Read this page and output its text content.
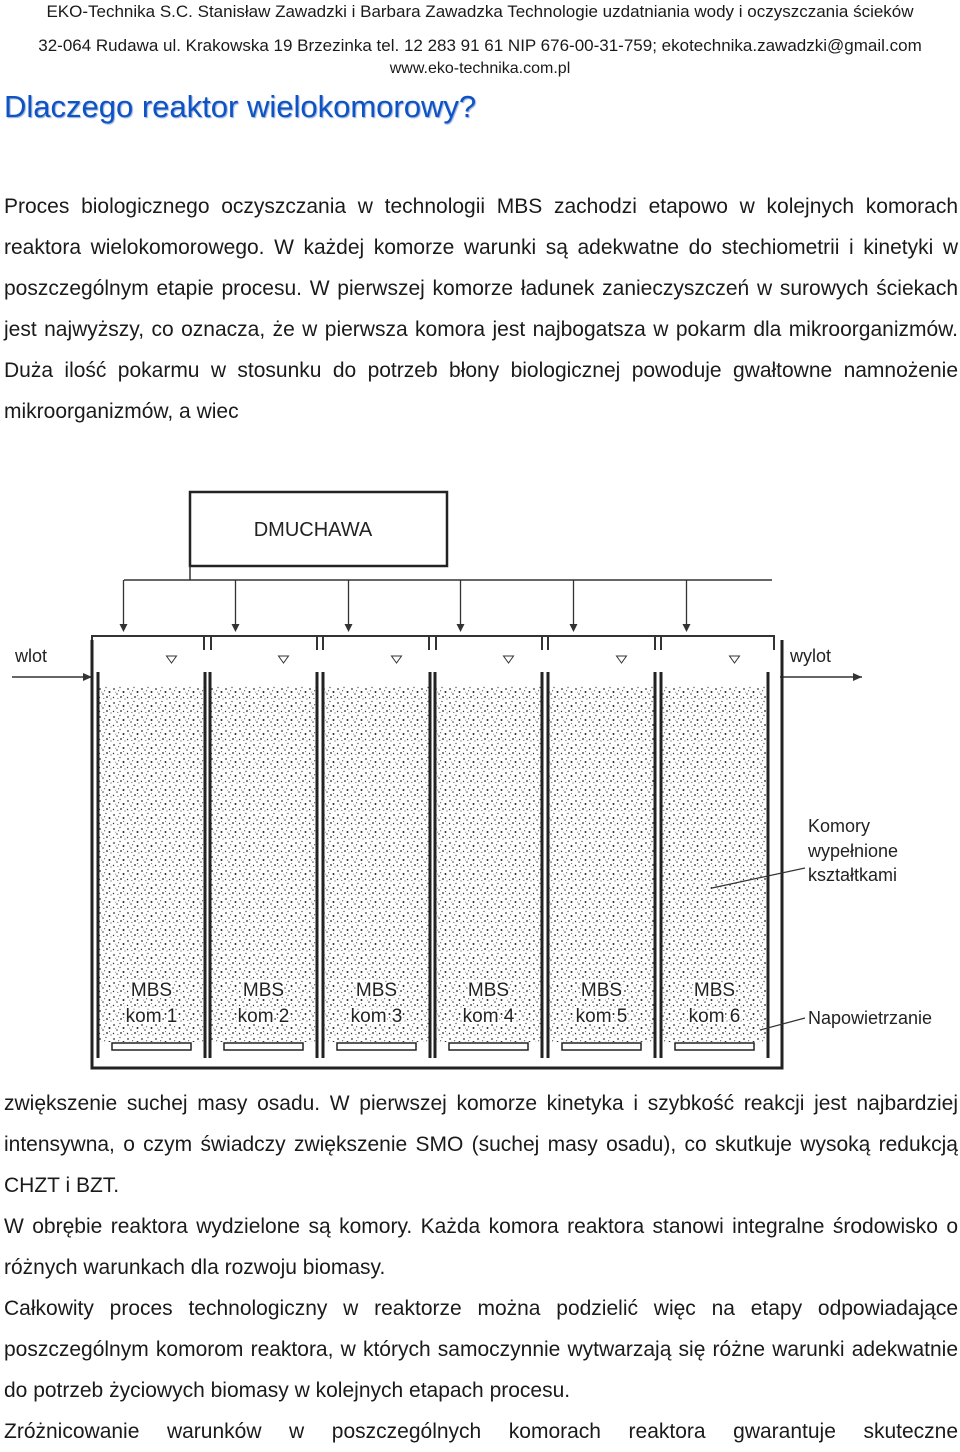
EKO-Technika S.C. Stanisław Zawadzki i Barbara Zawadzka Technologie uzdatniania wody i oczyszczania ścieków
32-064 Rudawa ul. Krakowska 19 Brzezinka tel. 12 283 91 61 NIP 676-00-31-759; ekotechnika.zawadzki@gmail.com
www.eko-technika.com.pl
Dlaczego reaktor wielokomorowy?

Proces biologicznego oczyszczania w technologii MBS zachodzi etapowo w kolejnych komorach reaktora wielokomorowego. W każdej komorze warunki są adekwatne do stechiometrii i kinetyki w poszczególnym etapie procesu. W pierwszej komorze ładunek zanieczyszczeń w surowych ściekach jest najwyższy, co oznacza, że w pierwsza komora jest najbogatsza w pokarm dla mikroorganizmów. Duża ilość pokarmu w stosunku do potrzeb błony biologicznej powoduje gwałtowne namnożenie mikroorganizmów, a wiec

DMUCHAWA
wlot	wylot
MBS
kom 1
MBS
kom 2
MBS
kom 3
MBS
kom 4
MBS
kom 5
MBS
kom 6
Komory
wypełnione
kształtkami
Napowietrzanie

zwiększenie suchej masy osadu. W pierwszej komorze kinetyka i szybkość reakcji jest najbardziej intensywna, o czym świadczy zwiększenie SMO (suchej masy osadu), co skutkuje wysoką redukcją CHZT i BZT.

W obrębie reaktora wydzielone są komory. Każda komora reaktora stanowi integralne środowisko o różnych warunkach dla rozwoju biomasy.

Całkowity proces technologiczny w reaktorze można podzielić więc na etapy odpowiadające poszczególnym komorom reaktora, w których samoczynnie wytwarzają się różne warunki adekwatnie do potrzeb życiowych biomasy w kolejnych etapach procesu.

Zróżnicowanie warunków w poszczególnych komorach reaktora gwarantuje skuteczne
